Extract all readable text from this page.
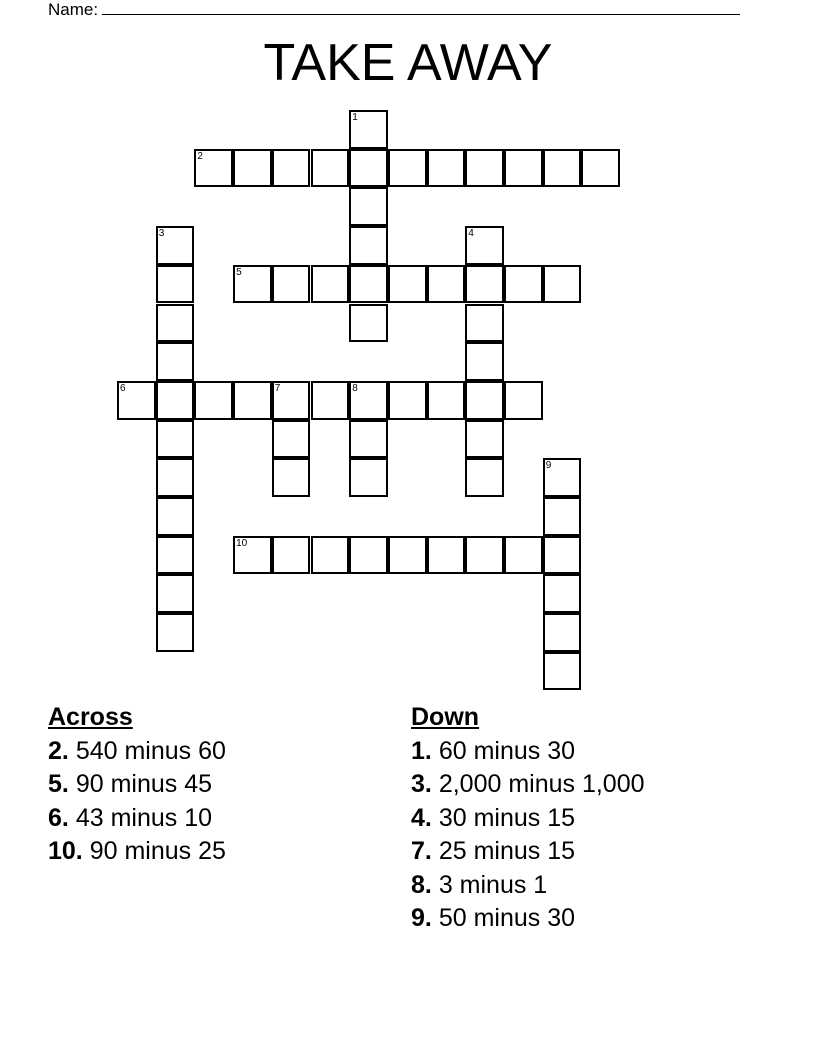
Name:
TAKE AWAY
1
2
3	4
5
6	7	8
9
10
Across
2. 540 minus 60
5. 90 minus 45
6. 43 minus 10
10. 90 minus 25
Down
1. 60 minus 30
3. 2,000 minus 1,000
4. 30 minus 15
7. 25 minus 15
8. 3 minus 1
9. 50 minus 30
